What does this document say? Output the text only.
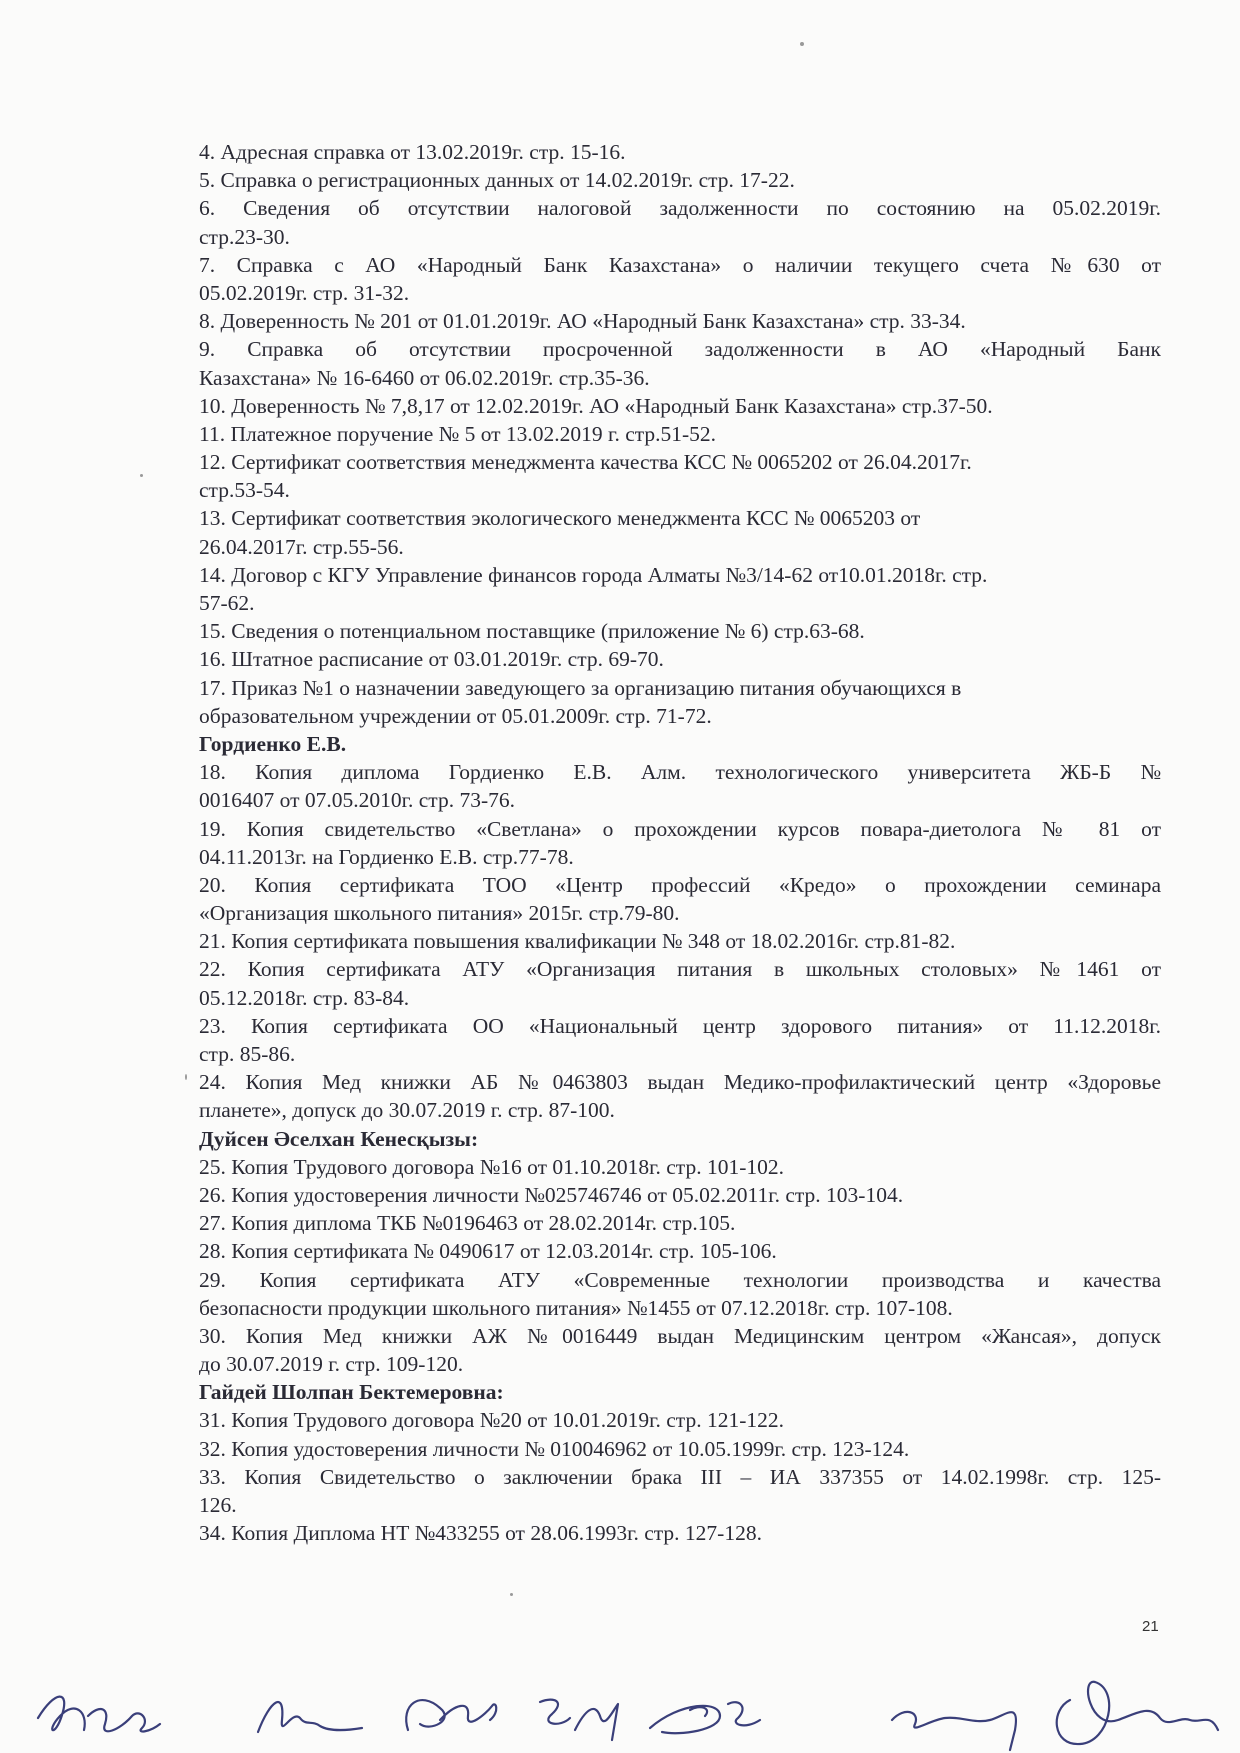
4. Адресная справка от 13.02.2019г. стр. 15-16.
5. Справка о регистрационных данных от 14.02.2019г. стр. 17-22.
6. Сведения об отсутствии налоговой задолженности по состоянию на 05.02.2019г.
стр.23-30.
7. Справка с АО «Народный Банк Казахстана» о наличии текущего счета №630 от
05.02.2019г. стр. 31-32.
8. Доверенность № 201 от 01.01.2019г. АО «Народный Банк Казахстана» стр. 33-34.
9. Справка об отсутствии просроченной задолженности в АО «Народный Банк
Казахстана» № 16-6460 от 06.02.2019г. стр.35-36.
10. Доверенность № 7,8,17 от 12.02.2019г. АО «Народный Банк Казахстана» стр.37-50.
11. Платежное поручение № 5 от 13.02.2019 г. стр.51-52.
12. Сертификат соответствия менеджмента качества КСС № 0065202 от 26.04.2017г.
стр.53-54.
13. Сертификат соответствия экологического менеджмента КСС № 0065203 от
26.04.2017г. стр.55-56.
14. Договор с КГУ Управление финансов города Алматы №3/14-62 от10.01.2018г. стр.
57-62.
15. Сведения о потенциальном поставщике (приложение № 6) стр.63-68.
16. Штатное расписание от 03.01.2019г. стр. 69-70.
17. Приказ №1 о назначении заведующего за организацию питания обучающихся в
образовательном учреждении от 05.01.2009г. стр. 71-72.
Гордиенко Е.В.
18. Копия диплома Гордиенко Е.В. Алм. технологического университета ЖБ-Б №
0016407 от 07.05.2010г. стр. 73-76.
19. Копия свидетельство «Светлана» о прохождении курсов повара-диетолога № 81 от
04.11.2013г. на Гордиенко Е.В. стр.77-78.
20. Копия сертификата ТОО «Центр профессий «Кредо» о прохождении семинара
«Организация школьного питания» 2015г. стр.79-80.
21. Копия сертификата повышения квалификации № 348 от 18.02.2016г. стр.81-82.
22. Копия сертификата АТУ «Организация питания в школьных столовых» №1461 от
05.12.2018г. стр. 83-84.
23. Копия сертификата ОО «Национальный центр здорового питания» от 11.12.2018г.
стр. 85-86.
24. Копия Мед книжки АБ №0463803 выдан Медико-профилактический центр «Здоровье
планете», допуск до 30.07.2019 г. стр. 87-100.
Дуйсен Әселхан Кенесқызы:
25. Копия Трудового договора №16 от 01.10.2018г. стр. 101-102.
26. Копия удостоверения личности №025746746 от 05.02.2011г. стр. 103-104.
27. Копия диплома ТКБ №0196463 от 28.02.2014г. стр.105.
28. Копия сертификата № 0490617 от 12.03.2014г. стр. 105-106.
29. Копия сертификата АТУ «Современные технологии производства и качества
безопасности продукции школьного питания» №1455 от 07.12.2018г. стр. 107-108.
30. Копия Мед книжки АЖ №0016449 выдан Медицинским центром «Жансая», допуск
до 30.07.2019 г. стр. 109-120.
Гайдей Шолпан Бектемеровна:
31. Копия Трудового договора №20 от 10.01.2019г. стр. 121-122.
32. Копия удостоверения личности № 010046962 от 10.05.1999г. стр. 123-124.
33. Копия Свидетельство о заключении брака III – ИА 337355 от 14.02.1998г. стр. 125-
126.
34. Копия Диплома НТ №433255 от 28.06.1993г. стр. 127-128.
21
